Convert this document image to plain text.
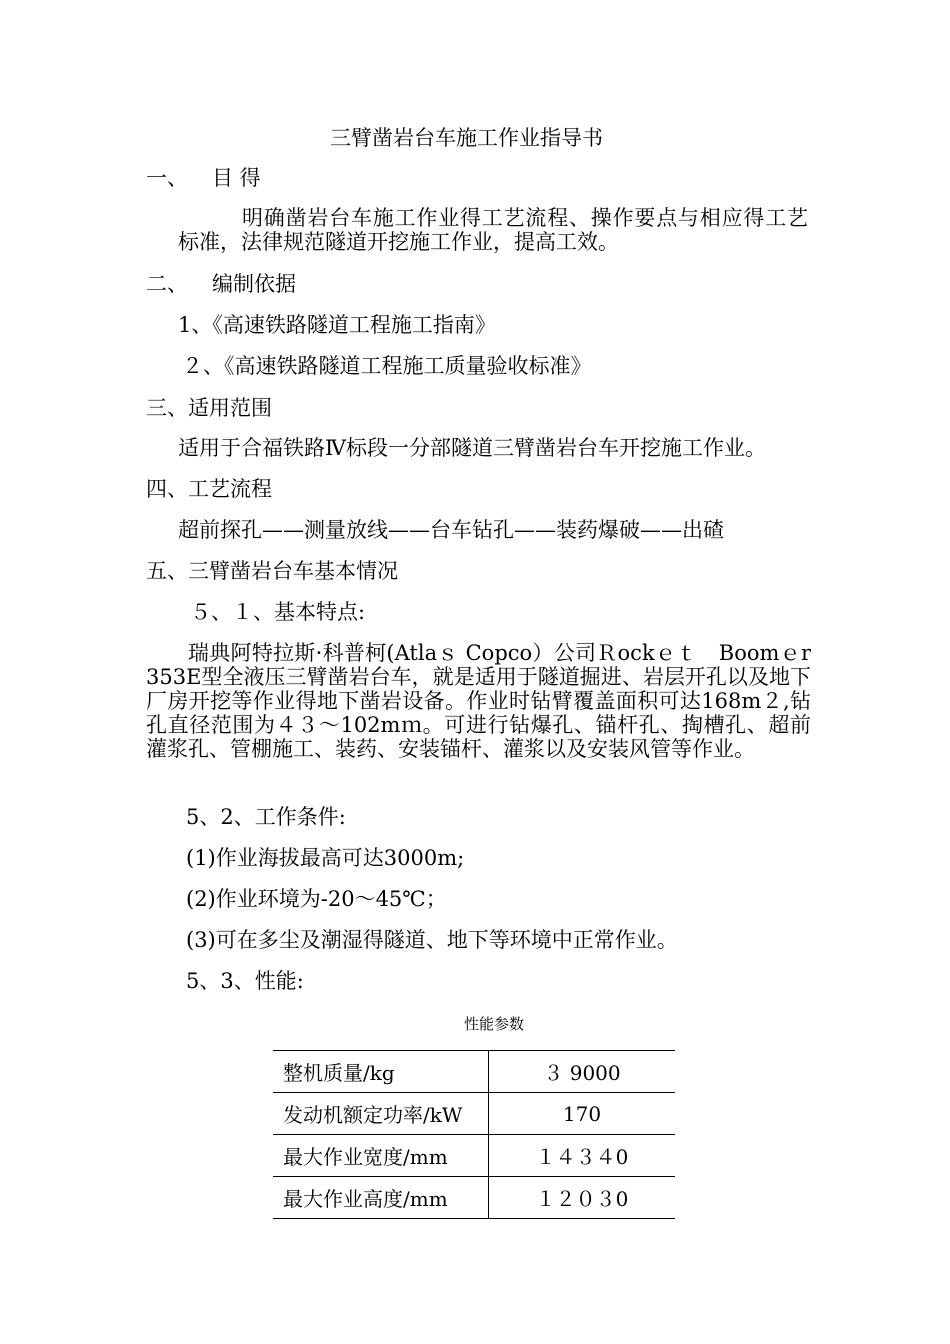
三臂凿岩台车施工作业指导书
一、 目 得
明确凿岩台车施工作业得工艺流程、操作要点与相应得工艺标准，法律规范隧道开挖施工作业，提高工效。
二、 编制依据
1、《高速铁路隧道工程施工指南》
２、《高速铁路隧道工程施工质量验收标准》
三、适用范围
适用于合福铁路Ⅳ标段一分部隧道三臂凿岩台车开挖施工作业。
四、工艺流程
超前探孔——测量放线——台车钻孔——装药爆破——出碴
五、三臂凿岩台车基本情况
５、１、基本特点:
瑞典阿特拉斯·科普柯(Atlaｓ Copco）公司Ｒockｅｔ　Boomｅr 353E型全液压三臂凿岩台车，就是适用于隧道掘进、岩层开孔以及地下厂房开挖等作业得地下凿岩设备。作业时钻臂覆盖面积可达168m２,钻孔直径范围为４３～102mｍ。可进行钻爆孔、锚杆孔、掏槽孔、超前灌浆孔、管棚施工、装药、安装锚杆、灌浆以及安装风管等作业。
5、2、工作条件:
(1)作业海拔最高可达3000m;
(2)作业环境为-20～45℃；
(3)可在多尘及潮湿得隧道、地下等环境中正常作业。
5、3、性能:
性能参数
整机质量/kg	３ 9000
发动机额定功率/kW	170
最大作业宽度/mm	１４３４0
最大作业高度/mm	１２０３0
